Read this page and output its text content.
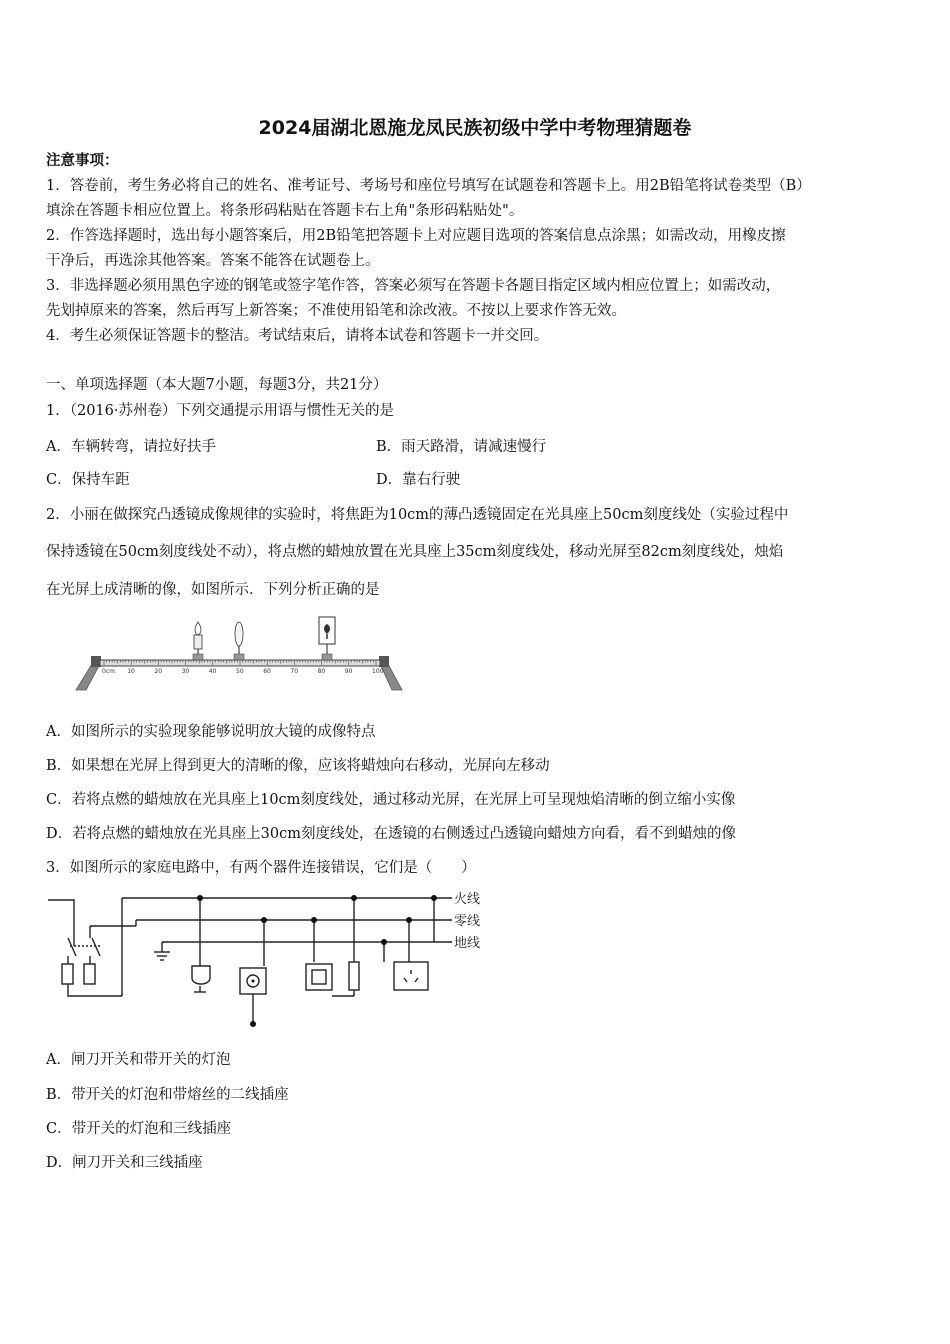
2024届湖北恩施龙凤民族初级中学中考物理猜题卷
注意事项：
1．答卷前，考生务必将自己的姓名、准考证号、考场号和座位号填写在试题卷和答题卡上。用2B铅笔将试卷类型（B）
填涂在答题卡相应位置上。将条形码粘贴在答题卡右上角"条形码粘贴处"。
2．作答选择题时，选出每小题答案后，用2B铅笔把答题卡上对应题目选项的答案信息点涂黑；如需改动，用橡皮擦
干净后，再选涂其他答案。答案不能答在试题卷上。
3．非选择题必须用黑色字迹的钢笔或签字笔作答，答案必须写在答题卡各题目指定区域内相应位置上；如需改动，
先划掉原来的答案，然后再写上新答案；不准使用铅笔和涂改液。不按以上要求作答无效。
4．考生必须保证答题卡的整洁。考试结束后，请将本试卷和答题卡一并交回。
一、单项选择题（本大题7小题，每题3分，共21分）
1．（2016·苏州卷）下列交通提示用语与惯性无关的是
A．车辆转弯，请拉好扶手	B．雨天路滑，请减速慢行
C．保持车距	D．靠右行驶
2．小丽在做探究凸透镜成像规律的实验时，将焦距为10cm的薄凸透镜固定在光具座上50cm刻度线处（实验过程中
保持透镜在50cm刻度线处不动），将点燃的蜡烛放置在光具座上35cm刻度线处，移动光屏至82cm刻度线处，烛焰
在光屏上成清晰的像，如图所示．下列分析正确的是
0cm 10	20	30	40	50	60	70	80	90	100
A．如图所示的实验现象能够说明放大镜的成像特点
B．如果想在光屏上得到更大的清晰的像，应该将蜡烛向右移动，光屏向左移动
C．若将点燃的蜡烛放在光具座上10cm刻度线处，通过移动光屏，在光屏上可呈现烛焰清晰的倒立缩小实像
D．若将点燃的蜡烛放在光具座上30cm刻度线处，在透镜的右侧透过凸透镜向蜡烛方向看，看不到蜡烛的像
3．如图所示的家庭电路中，有两个器件连接错误，它们是（　　）
火线
零线
地线
A．闸刀开关和带开关的灯泡
B．带开关的灯泡和带熔丝的二线插座
C．带开关的灯泡和三线插座
D．闸刀开关和三线插座
